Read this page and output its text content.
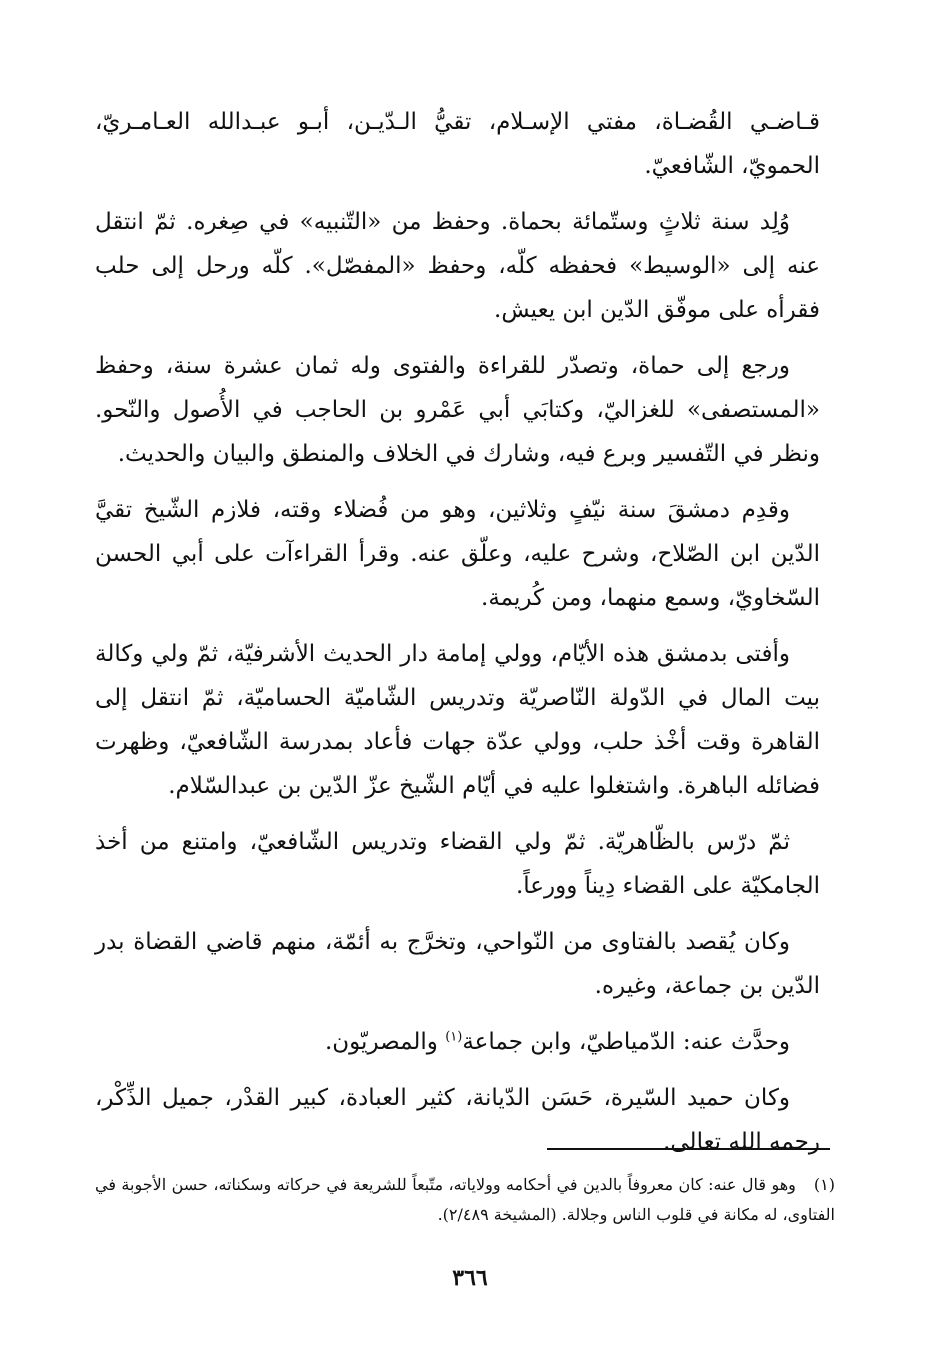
قـاضـي القُضـاة، مفتي الإسـلام، تقيُّ الـدّيـن، أبـو عبـدالله العـامـريّ، الحمويّ، الشّافعيّ.

وُلِد سنة ثلاثٍ وستّمائة بحماة. وحفظ من «التّنبيه» في صِغره. ثمّ انتقل عنه إلى «الوسيط» فحفظه كلّه، وحفظ «المفصّل». كلّه ورحل إلى حلب فقرأه على موفّق الدّين ابن يعيش.

ورجع إلى حماة، وتصدّر للقراءة والفتوى وله ثمان عشرة سنة، وحفظ «المستصفى» للغزاليّ، وكتابَي أبي عَمْرو بن الحاجب في الأُصول والنّحو. ونظر في التّفسير وبرع فيه، وشارك في الخلاف والمنطق والبيان والحديث.

وقدِم دمشقَ سنة نيّفٍ وثلاثين، وهو من فُضلاء وقته، فلازم الشّيخ تقيَّ الدّين ابن الصّلاح، وشرح عليه، وعلّق عنه. وقرأ القراءآت على أبي الحسن السّخاويّ، وسمع منهما، ومن كُريمة.

وأفتى بدمشق هذه الأيّام، وولي إمامة دار الحديث الأشرفيّة، ثمّ ولي وكالة بيت المال في الدّولة النّاصريّة وتدريس الشّاميّة الحساميّة، ثمّ انتقل إلى القاهرة وقت أخْذ حلب، وولي عدّة جهات فأعاد بمدرسة الشّافعيّ، وظهرت فضائله الباهرة. واشتغلوا عليه في أيّام الشّيخ عزّ الدّين بن عبدالسّلام.

ثمّ درّس بالظّاهريّة. ثمّ ولي القضاء وتدريس الشّافعيّ، وامتنع من أخذ الجامكيّة على القضاء دِيناً وورعاً.

وكان يُقصد بالفتاوى من النّواحي، وتخرَّج به أئمّة، منهم قاضي القضاة بدر الدّين بن جماعة، وغيره.

وحدَّث عنه: الدّمياطيّ، وابن جماعة$^{(١)}$ والمصريّون.

وكان حميد السّيرة، حَسَن الدّيانة، كثير العبادة، كبير القدْر، جميل الذِّكْر، رحمه الله تعالى.

(١)وهو قال عنه: كان معروفاً بالدين في أحكامه وولاياته، متّبعاً للشريعة في حركاته وسكناته، حسن الأجوبة في الفتاوى، له مكانة في قلوب الناس وجلالة. (المشيخة ٢/٤٨٩).
٣٦٦
